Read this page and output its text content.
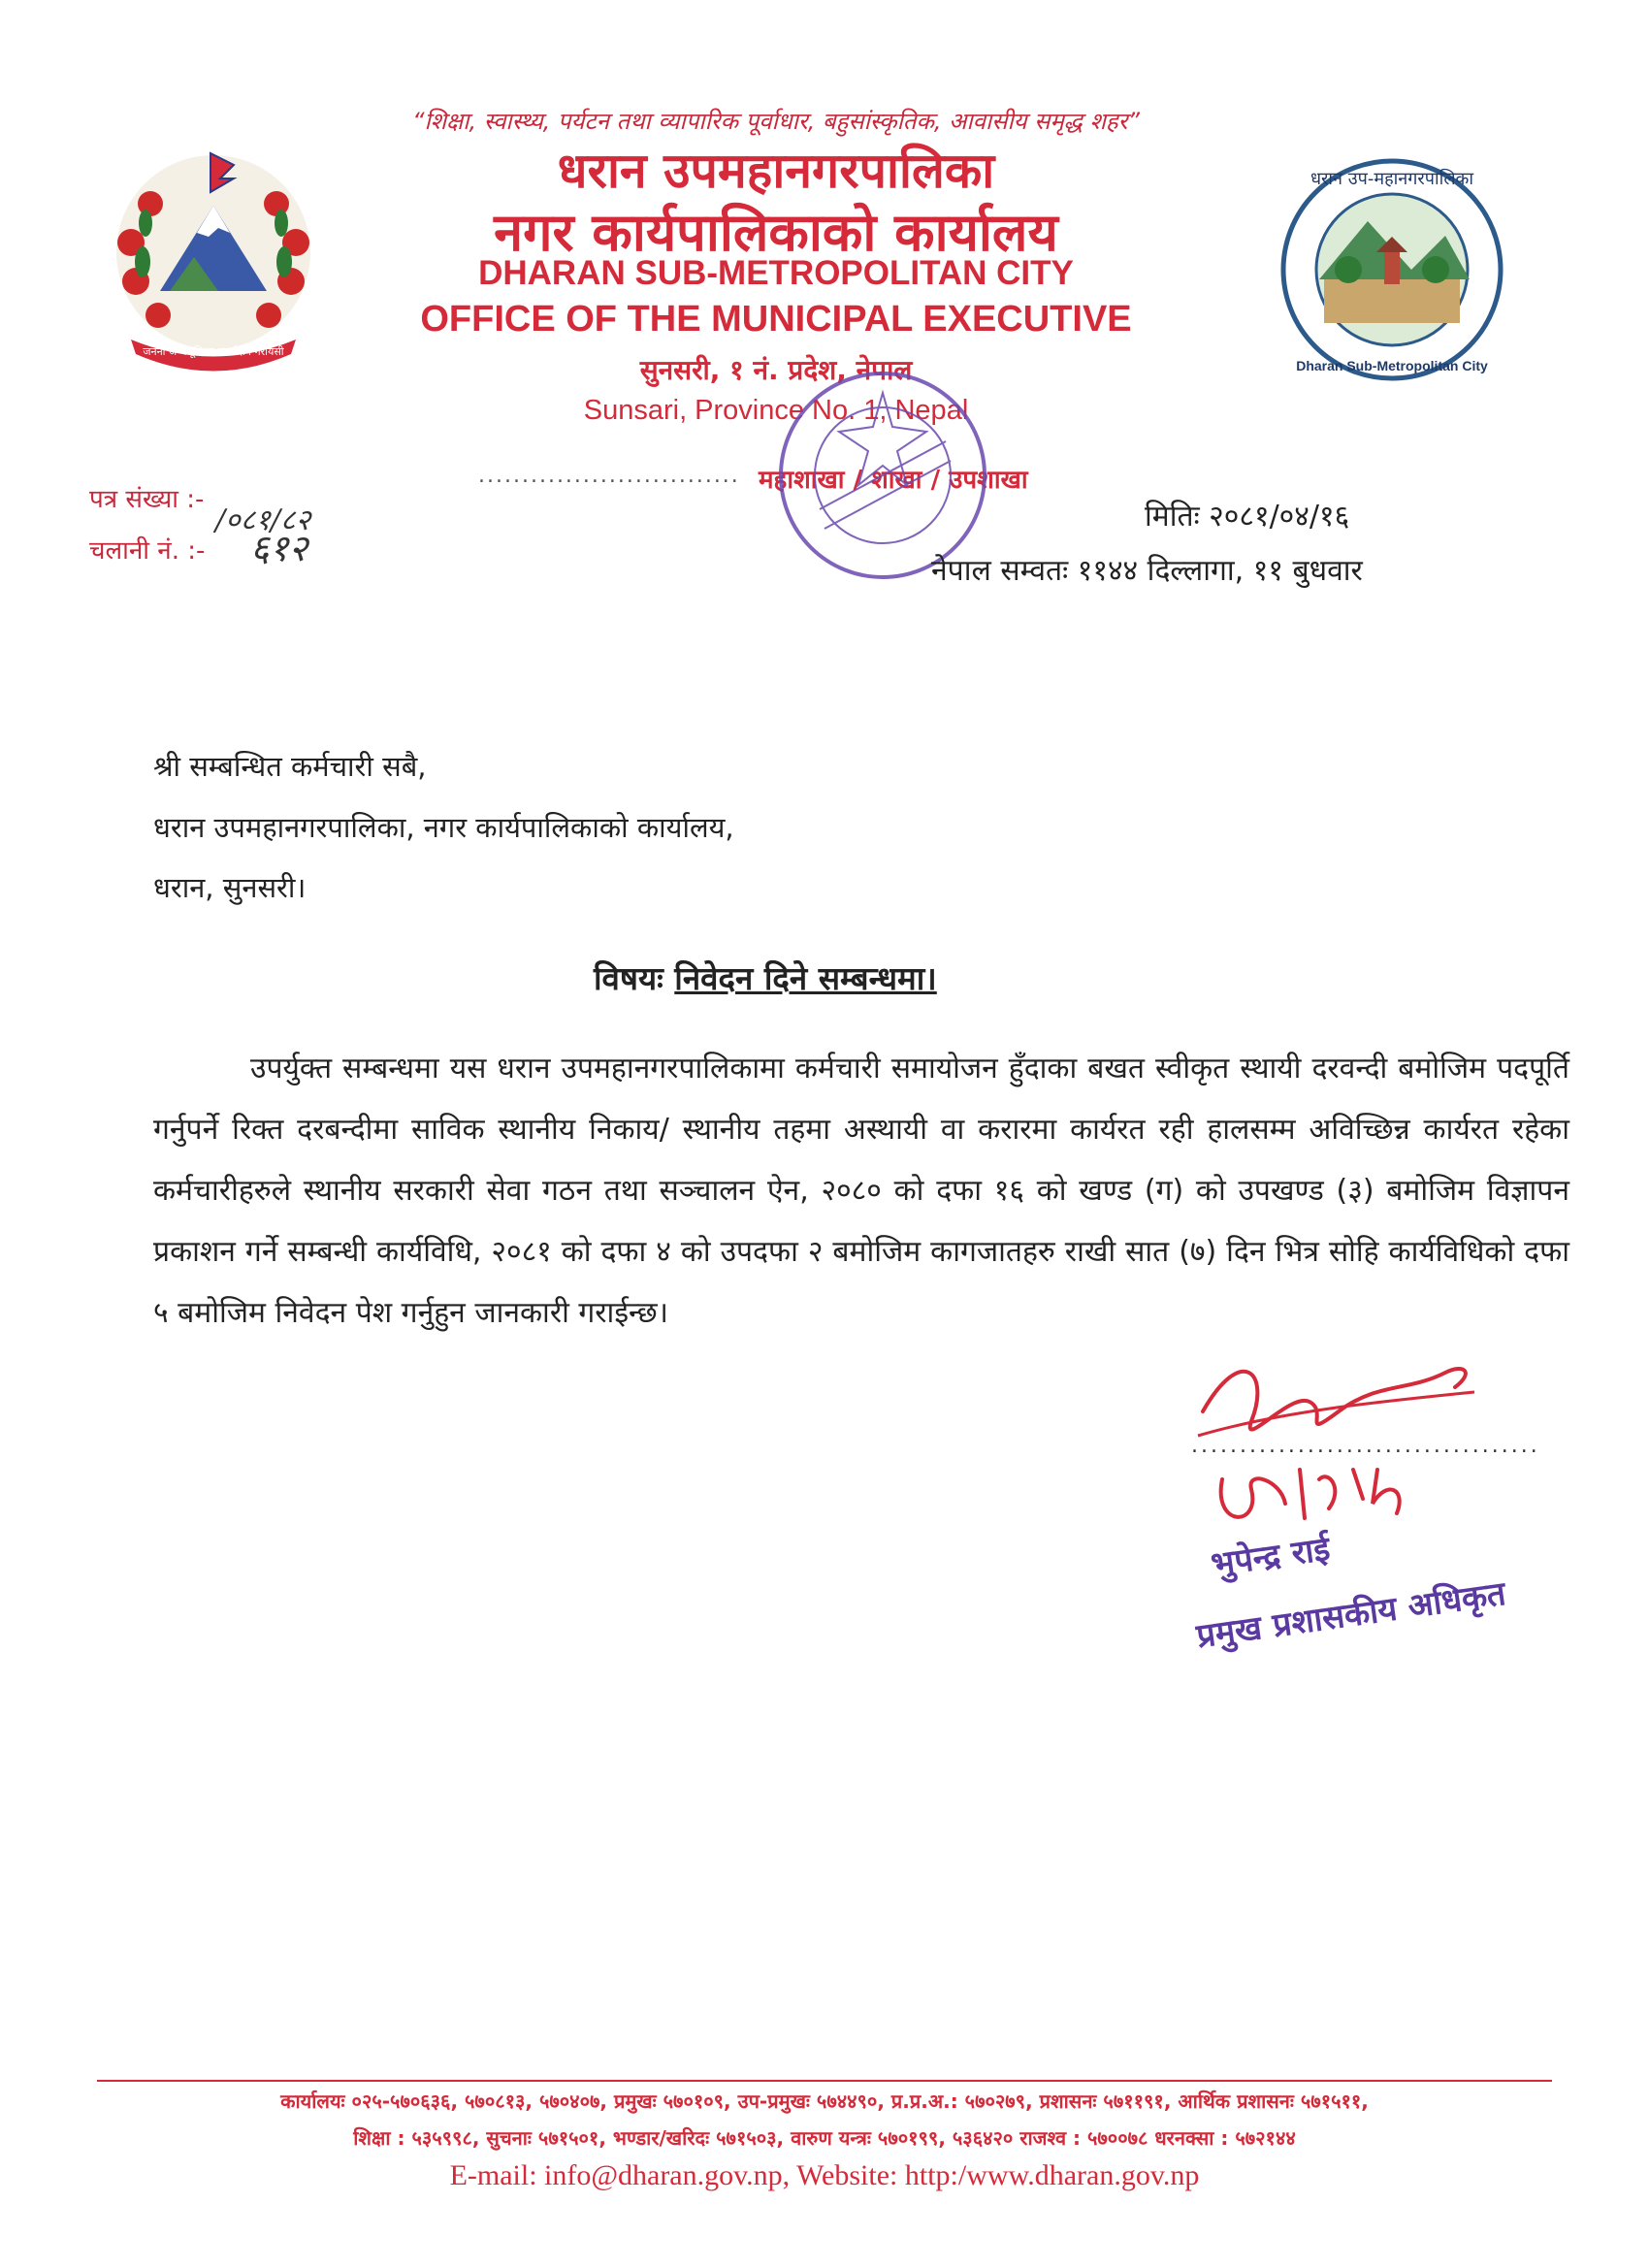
“शिक्षा, स्वास्थ्य, पर्यटन तथा व्यापारिक पूर्वाधार, बहुसांस्कृतिक, आवासीय समृद्ध शहर”
धरान उपमहानगरपालिका
नगर कार्यपालिकाको कार्यालय
DHARAN SUB-METROPOLITAN CITY
OFFICE OF THE MUNICIPAL EXECUTIVE
सुनसरी, १ नं. प्रदेश, नेपाल
Sunsari, Province No. 1, Nepal
जननी जन्मभूमिश्च स्वर्गादपि गरीयसी
धरान उप-महानगरपालिका
Dharan Sub-Metropolitan City
पत्र संख्या :-
/०८१/८२
चलानी नं. :- ६१२
.............................. महाशाखा / शाखा / उपशाखा
मितिः २०८१/०४/१६
नेपाल सम्वतः ११४४ दिल्लागा, ११ बुधवार
श्री सम्बन्धित कर्मचारी सबै,
धरान उपमहानगरपालिका, नगर कार्यपालिकाको कार्यालय,
धरान, सुनसरी।
विषयः निवेदन दिने सम्बन्धमा।
उपर्युक्त सम्बन्धमा यस धरान उपमहानगरपालिकामा कर्मचारी समायोजन हुँदाका बखत स्वीकृत स्थायी दरवन्दी बमोजिम पदपूर्ति गर्नुपर्ने रिक्त दरबन्दीमा साविक स्थानीय निकाय/ स्थानीय तहमा अस्थायी वा करारमा कार्यरत रही हालसम्म अविच्छिन्न कार्यरत रहेका कर्मचारीहरुले स्थानीय सरकारी सेवा गठन तथा सञ्चालन ऐन, २०८० को दफा १६ को खण्ड (ग) को उपखण्ड (३) बमोजिम विज्ञापन प्रकाशन गर्ने सम्बन्धी कार्यविधि, २०८१ को दफा ४ को उपदफा २ बमोजिम कागजातहरु राखी सात (७) दिन भित्र सोहि कार्यविधिको दफा ५ बमोजिम निवेदन पेश गर्नुहुन जानकारी गराईन्छ।
....................................
भुपेन्द्र राई
प्रमुख प्रशासकीय अधिकृत
कार्यालयः ०२५-५७०६३६, ५७०८१३, ५७०४०७, प्रमुखः ५७०१०९, उप-प्रमुखः ५७४४९०, प्र.प्र.अ.: ५७०२७९, प्रशासनः ५७११९१, आर्थिक प्रशासनः ५७१५११,
शिक्षा : ५३५९९८, सुचनाः ५७१५०१, भण्डार/खरिदः ५७१५०३, वारुण यन्त्रः ५७०१९९, ५३६४२० राजश्व : ५७००७८ धरनक्सा : ५७२१४४
E-mail: info@dharan.gov.np, Website: http:/www.dharan.gov.np
